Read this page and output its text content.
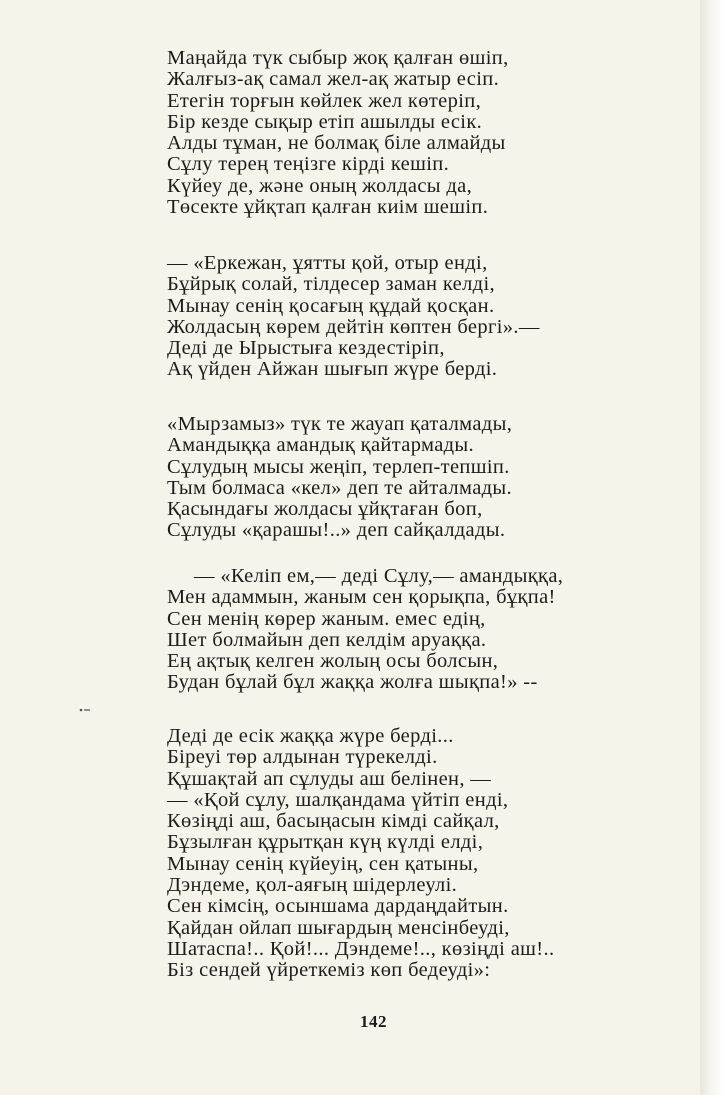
Маңайда түк сыбыр жоқ қалған өшіп,
Жалғыз-ақ самал жел-ақ жатыр есіп.
Етегін торғын көйлек жел көтеріп,
Бір кезде сықыр етіп ашылды есік.
Алды тұман, не болмақ біле алмайды
Сұлу терең теңізге кірді кешіп.
Күйеу де, және оның жолдасы да,
Төсекте ұйқтап қалған киім шешіп.
— «Еркежан, ұятты қой, отыр енді,
Бұйрық солай, тілдесер заман келді,
Мынау сенің қосағың құдай қосқан.
Жолдасың көрем дейтін көптен бергі».—
Деді де Ырыстыға кездестіріп,
Ақ үйден Айжан шығып жүре берді.
«Мырзамыз» түк те жауап қаталмады,
Амандыққа амандық қайтармады.
Сұлудың мысы жеңіп, терлеп-тепшіп.
Тым болмаса «кел» деп те айталмады.
Қасындағы жолдасы ұйқтаған боп,
Сұлуды «қарашы!..» деп сайқалдады.
— «Келіп ем,— деді Сұлу,— амандыққа,
Мен адаммын, жаным сен қорықпа, бұқпа!
Сен менің көрер жаным. емес едің,
Шет болмайын деп келдім аруаққа.
Ең ақтық келген жолың осы болсын,
Будан бұлай бұл жаққа жолға шықпа!» --
Деді де есік жаққа жүре берді...
Біреуі төр алдынан түрекелді.
Құшақтай ап сұлуды аш белінен, —
— «Қой сұлу, шалқандама үйтіп енді,
Көзіңді аш, басыңасын кімді сайқал,
Бұзылған құрытқан күң күлді елді,
Мынау сенің күйеуің, сен қатыны,
Дэндеме, қол-аяғың шідерлеулі.
Сен кімсің, осыншама дардаңдайтын.
Қайдан ойлап шығардың менсінбеуді,
Шатаспа!.. Қой!... Дэндеме!.., көзіңді аш!..
Біз сендей үйреткеміз көп бедеуді»:
142
